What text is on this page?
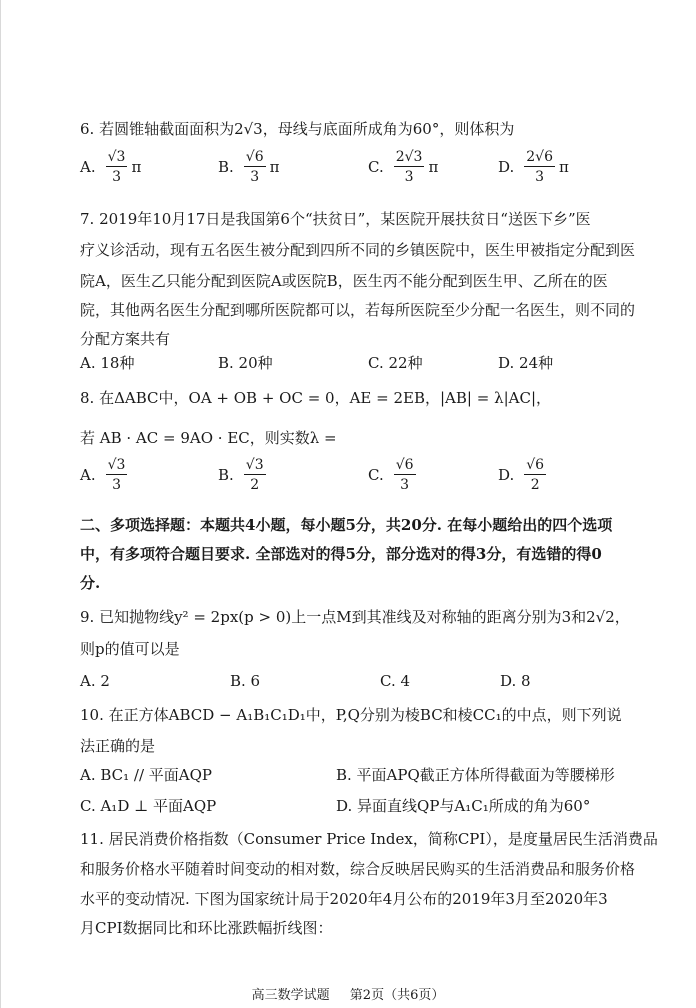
6. 若圆锥轴截面面积为2√3，母线与底面所成角为60°，则体积为
A. $\frac{√3}{3}$ π	B. $\frac{√6}{3}$ π	C. $\frac{2√3}{3}$ π	D. $\frac{2√6}{3}$ π
7. 2019年10月17日是我国第6个“扶贫日”，某医院开展扶贫日“送医下乡”医
疗义诊活动，现有五名医生被分配到四所不同的乡镇医院中，医生甲被指定分配到医
院A，医生乙只能分配到医院A或医院B，医生丙不能分配到医生甲、乙所在的医
院，其他两名医生分配到哪所医院都可以，若每所医院至少分配一名医生，则不同的
分配方案共有
A. 18种	B. 20种	C. 22种	D. 24种
8. 在ΔABC中，OA + OB + OC = 0，AE = 2EB，|AB| = λ|AC|，
若 AB · AC = 9AO · EC，则实数λ =
A. $\frac{√3}{3}$	B. $\frac{√3}{2}$	C. $\frac{√6}{3}$	D. $\frac{√6}{2}$
二、多项选择题：本题共4小题，每小题5分，共20分. 在每小题给出的四个选项
中，有多项符合题目要求. 全部选对的得5分，部分选对的得3分，有选错的得0
分.
9. 已知抛物线y² = 2px(p > 0)上一点M到其准线及对称轴的距离分别为3和2√2，
则p的值可以是
A. 2	B. 6	C. 4	D. 8
10. 在正方体ABCD − A₁B₁C₁D₁中，P,Q分别为棱BC和棱CC₁的中点，则下列说
法正确的是
A. BC₁ // 平面AQP	B. 平面APQ截正方体所得截面为等腰梯形
C. A₁D ⊥ 平面AQP	D. 异面直线QP与A₁C₁所成的角为60°
11. 居民消费价格指数（Consumer Price Index，简称CPI），是度量居民生活消费品
和服务价格水平随着时间变动的相对数，综合反映居民购买的生活消费品和服务价格
水平的变动情况. 下图为国家统计局于2020年4月公布的2019年3月至2020年3
月CPI数据同比和环比涨跌幅折线图：
高三数学试题 第2页（共6页）
